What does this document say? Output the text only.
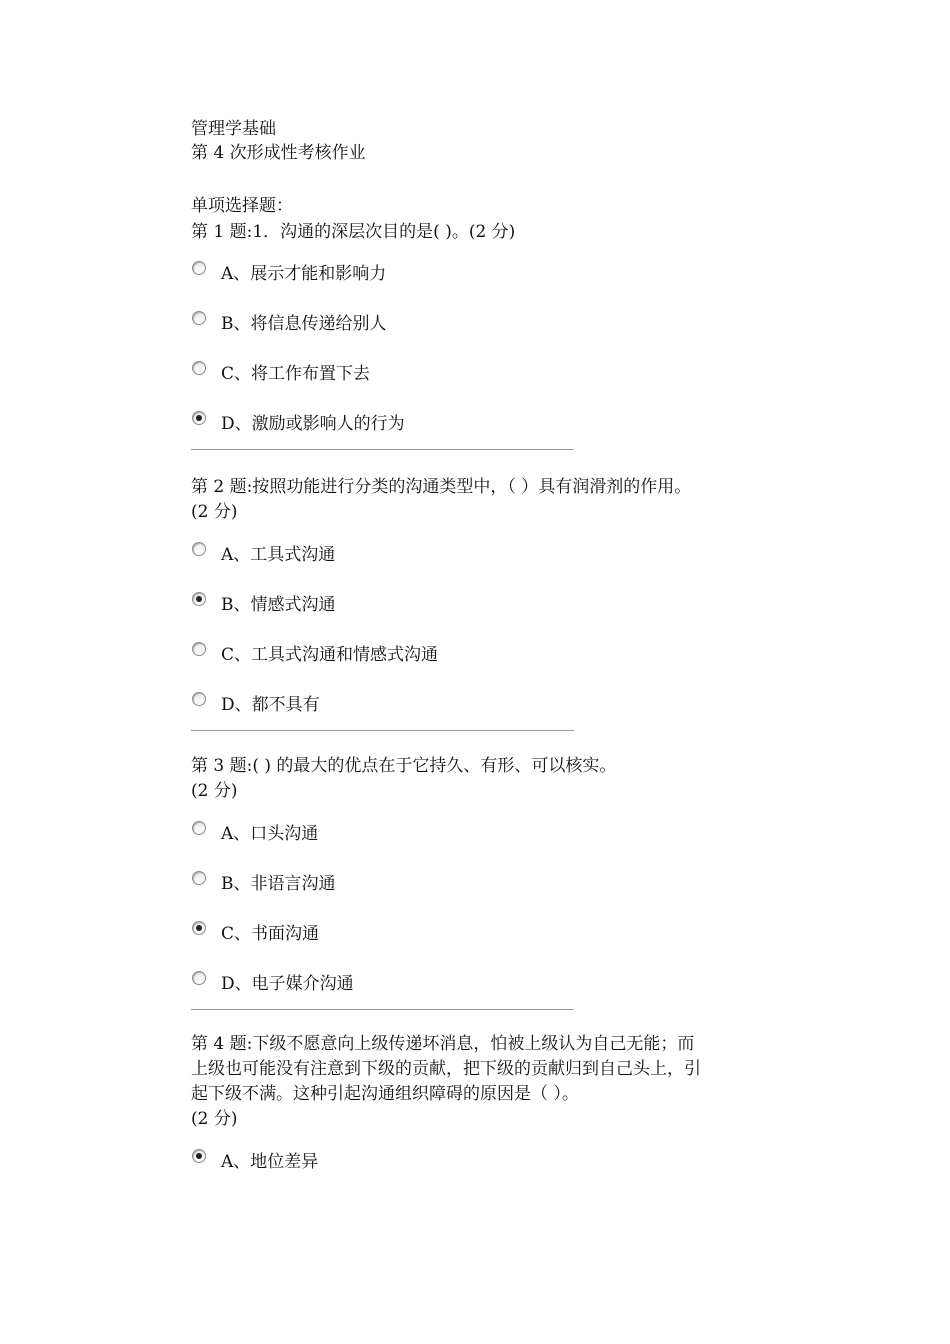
管理学基础
第 4 次形成性考核作业
单项选择题：
第 1 题:1．沟通的深层次目的是( )。(2 分)
A、展示才能和影响力
B、将信息传递给别人
C、将工作布置下去
D、激励或影响人的行为
第 2 题:按照功能进行分类的沟通类型中，（ ）具有润滑剂的作用。
(2 分)
A、工具式沟通
B、情感式沟通
C、工具式沟通和情感式沟通
D、都不具有
第 3 题:( ) 的最大的优点在于它持久、有形、可以核实。
(2 分)
A、口头沟通
B、非语言沟通
C、书面沟通
D、电子媒介沟通
第 4 题:下级不愿意向上级传递坏消息，怕被上级认为自己无能；而
上级也可能没有注意到下级的贡献，把下级的贡献归到自己头上，引
起下级不满。这种引起沟通组织障碍的原因是（ ）。
(2 分)
A、地位差异
